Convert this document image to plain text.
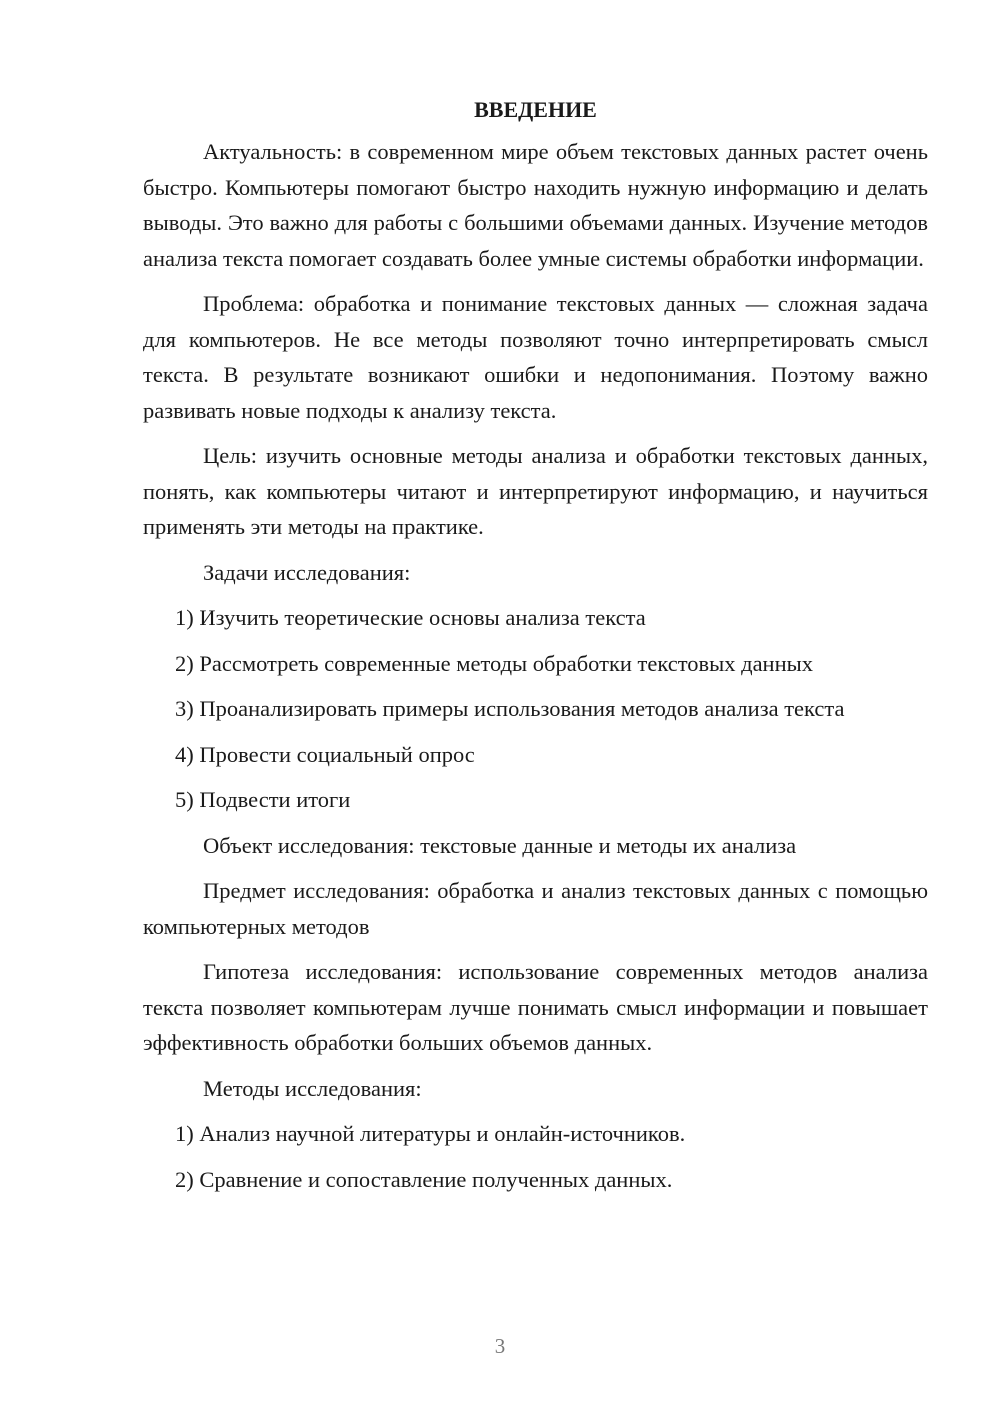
ВВЕДЕНИЕ

Актуальность: в современном мире объем текстовых данных растет очень быстро. Компьютеры помогают быстро находить нужную информацию и делать выводы. Это важно для работы с большими объемами данных. Изучение методов анализа текста помогает создавать более умные системы обработки информации.

Проблема: обработка и понимание текстовых данных — сложная задача для компьютеров. Не все методы позволяют точно интерпретировать смысл текста. В результате возникают ошибки и недопонимания. Поэтому важно развивать новые подходы к анализу текста.

Цель: изучить основные методы анализа и обработки текстовых данных, понять, как компьютеры читают и интерпретируют информацию, и научиться применять эти методы на практике.

Задачи исследования:

1) Изучить теоретические основы анализа текста

2) Рассмотреть современные методы обработки текстовых данных

3) Проанализировать примеры использования методов анализа текста

4) Провести социальный опрос

5) Подвести итоги

Объект исследования: текстовые данные и методы их анализа

Предмет исследования: обработка и анализ текстовых данных с помощью компьютерных методов

Гипотеза исследования: использование современных методов анализа текста позволяет компьютерам лучше понимать смысл информации и повышает эффективность обработки больших объемов данных.

Методы исследования:

1) Анализ научной литературы и онлайн-источников.

2) Сравнение и сопоставление полученных данных.

3
